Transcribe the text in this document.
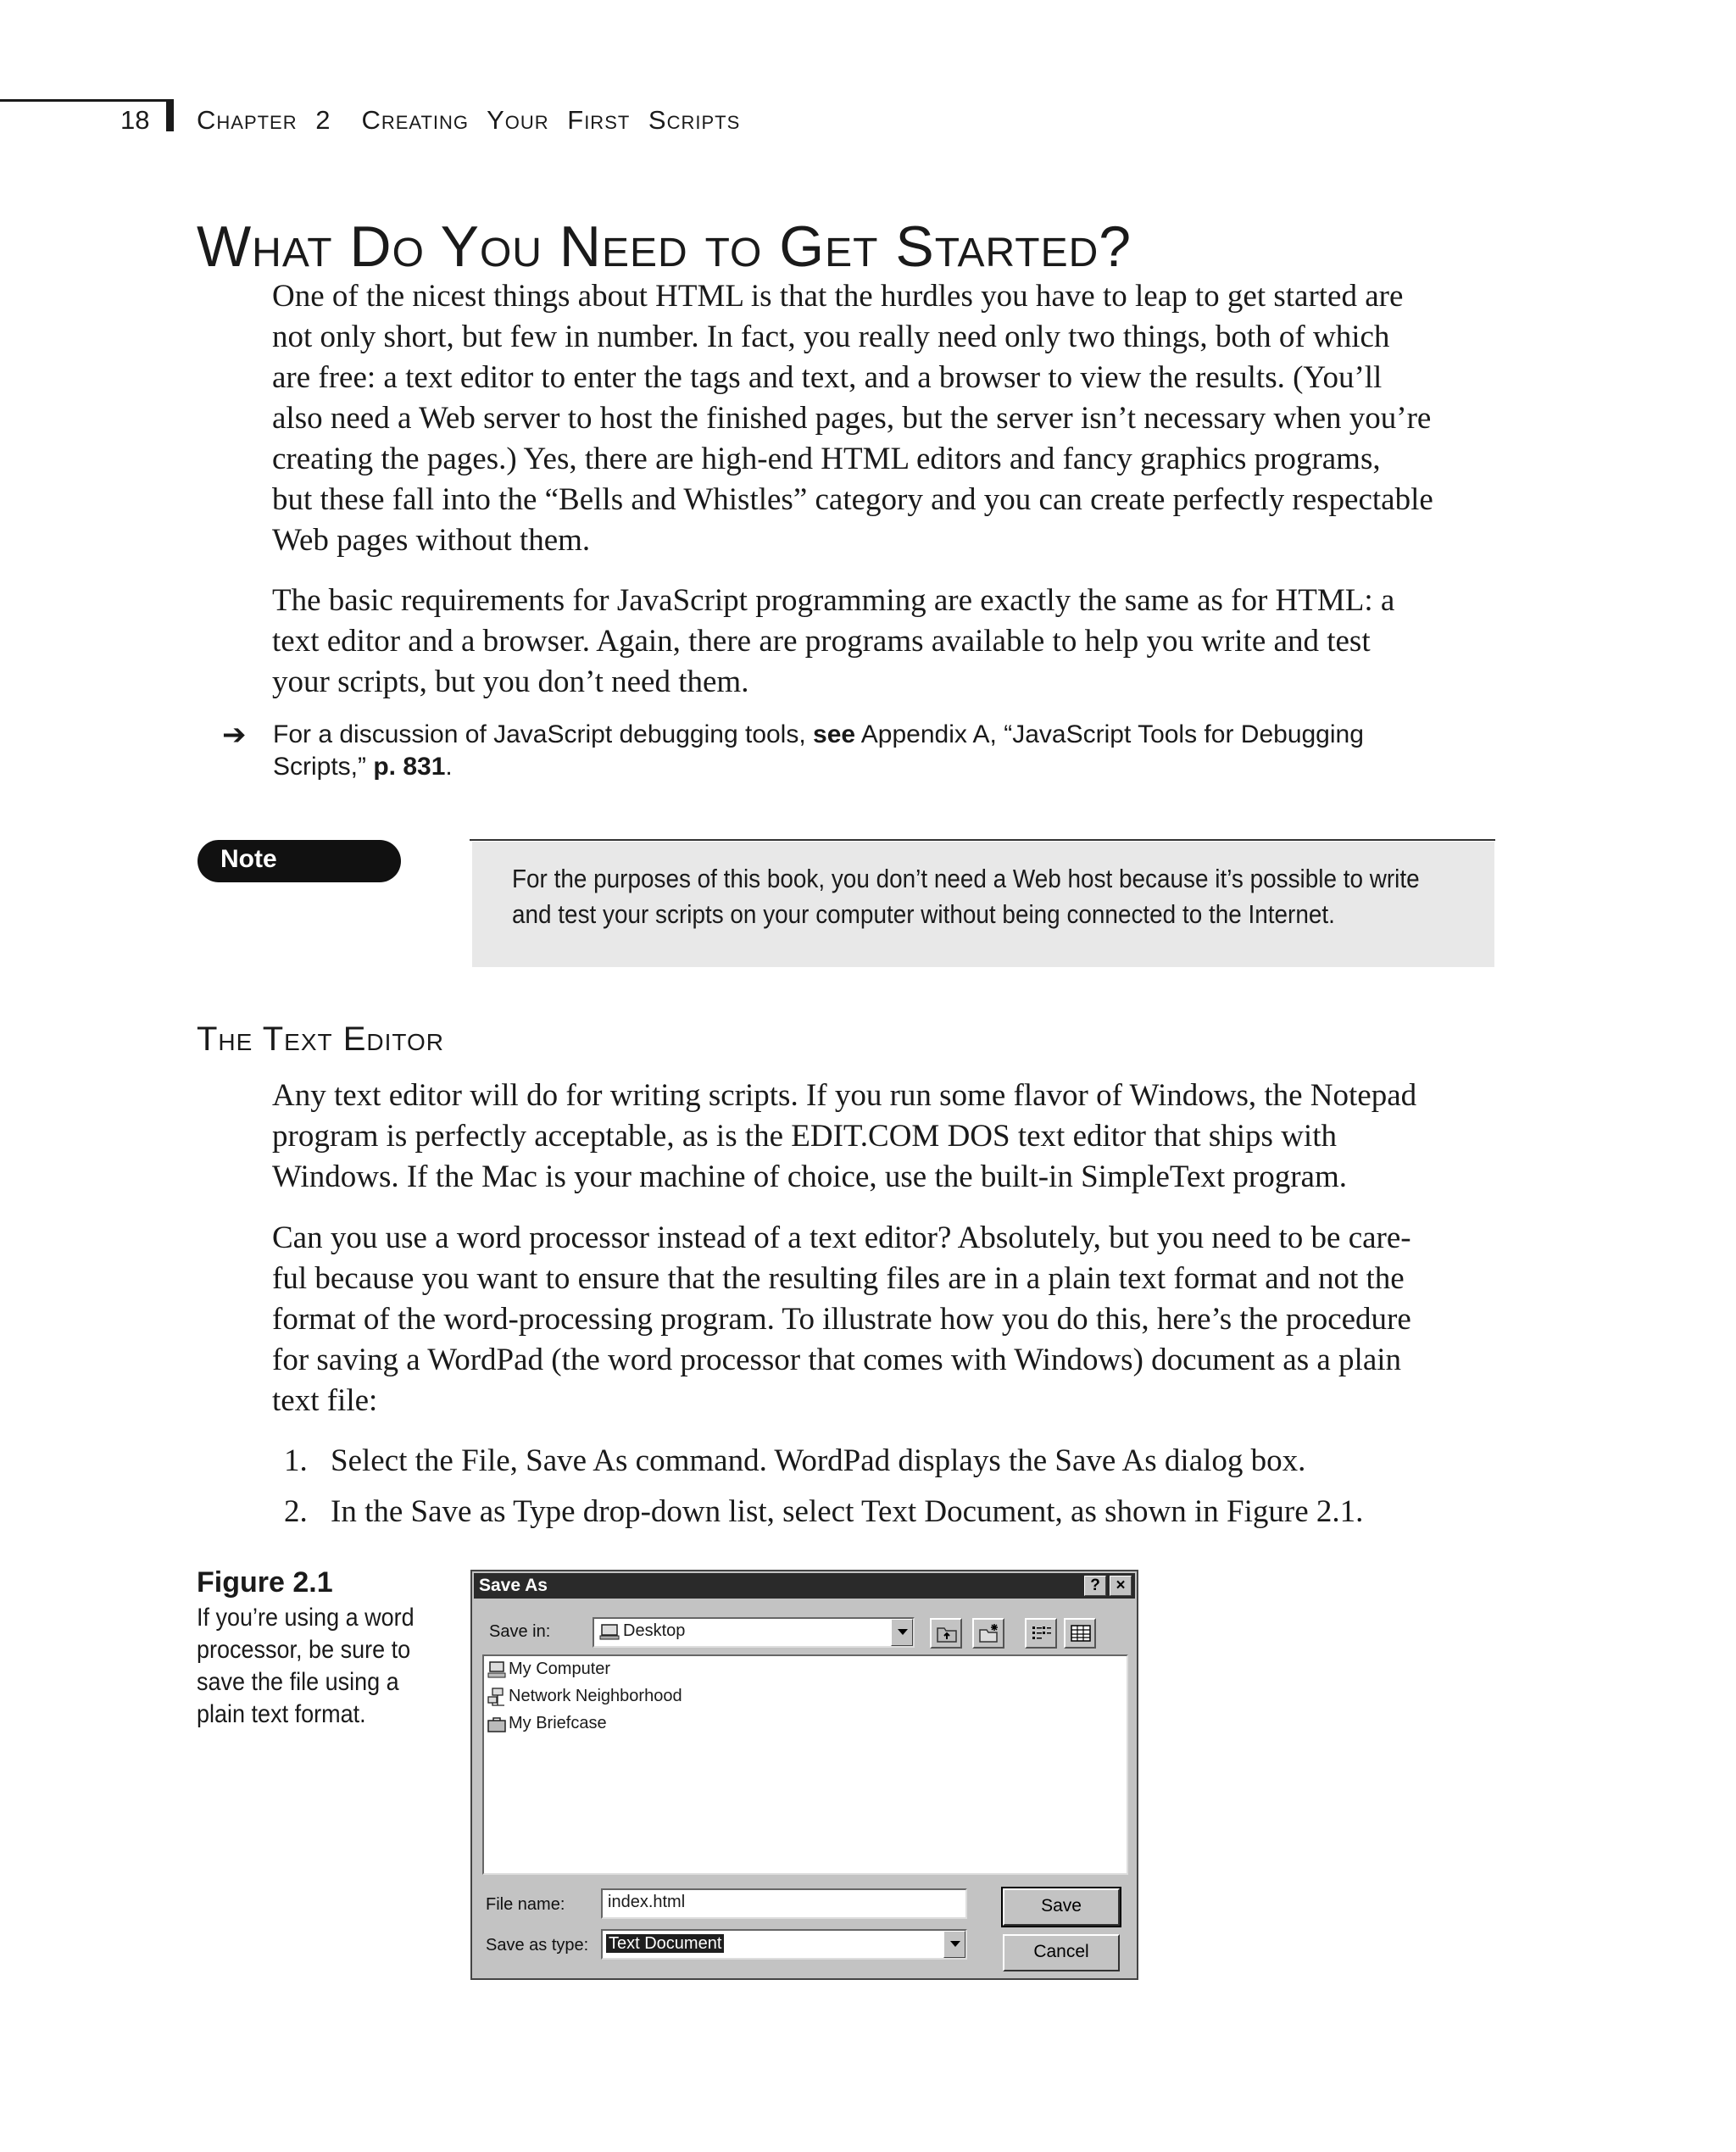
18 Chapter 2 Creating Your First Scripts
What Do You Need to Get Started?
One of the nicest things about HTML is that the hurdles you have to leap to get started are
not only short, but few in number. In fact, you really need only two things, both of which
are free: a text editor to enter the tags and text, and a browser to view the results. (You’ll
also need a Web server to host the finished pages, but the server isn’t necessary when you’re
creating the pages.) Yes, there are high-end HTML editors and fancy graphics programs,
but these fall into the “Bells and Whistles” category and you can create perfectly respectable
Web pages without them.
The basic requirements for JavaScript programming are exactly the same as for HTML: a
text editor and a browser. Again, there are programs available to help you write and test
your scripts, but you don’t need them.
➔ For a discussion of JavaScript debugging tools, see Appendix A, “JavaScript Tools for Debugging
Scripts,” p. 831.
Note
For the purposes of this book, you don’t need a Web host because it’s possible to write
and test your scripts on your computer without being connected to the Internet.
The Text Editor
Any text editor will do for writing scripts. If you run some flavor of Windows, the Notepad
program is perfectly acceptable, as is the EDIT.COM DOS text editor that ships with
Windows. If the Mac is your machine of choice, use the built-in SimpleText program.
Can you use a word processor instead of a text editor? Absolutely, but you need to be care-
ful because you want to ensure that the resulting files are in a plain text format and not the
format of the word-processing program. To illustrate how you do this, here’s the procedure
for saving a WordPad (the word processor that comes with Windows) document as a plain
text file:
1. Select the File, Save As command. WordPad displays the Save As dialog box.
2. In the Save as Type drop-down list, select Text Document, as shown in Figure 2.1.
Figure 2.1
If you’re using a word
processor, be sure to
save the file using a
plain text format.
Save As	? ×
Save in:	Desktop
My Computer
Network Neighborhood
My Briefcase
File name:	index.html
Save as type:	Text Document
Save
Cancel
